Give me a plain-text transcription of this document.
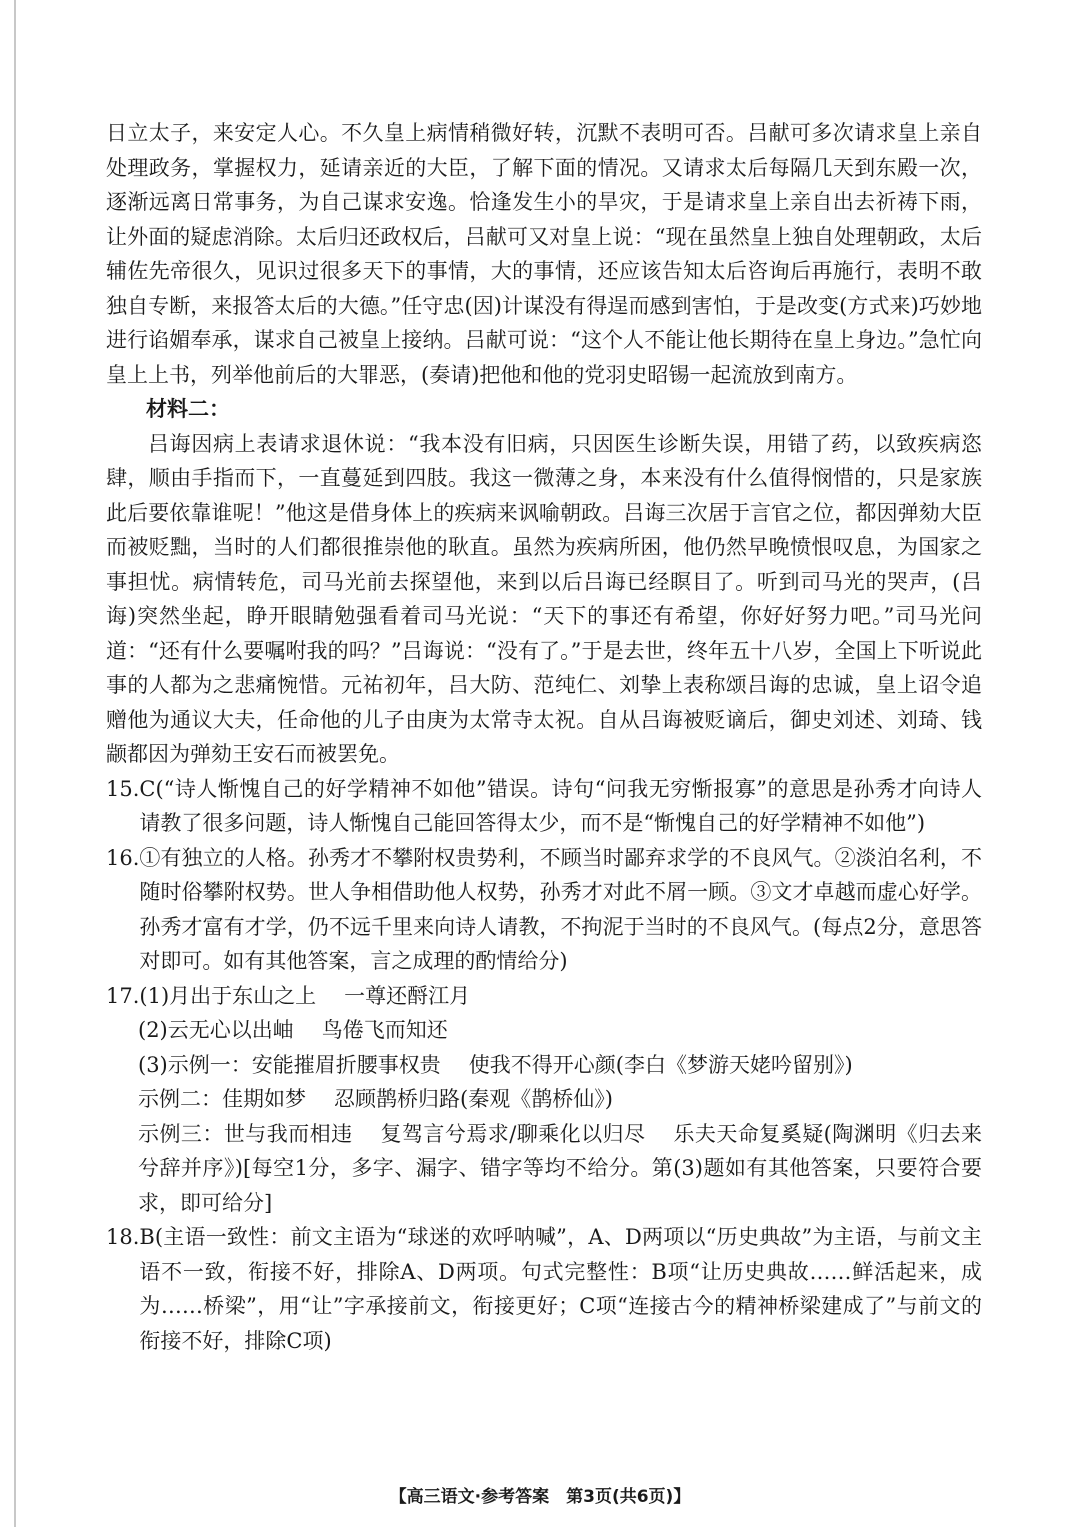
日立太子，来安定人心。不久皇上病情稍微好转，沉默不表明可否。吕献可多次请求皇上亲自处理政务，掌握权力，延请亲近的大臣，了解下面的情况。又请求太后每隔几天到东殿一次，逐渐远离日常事务，为自己谋求安逸。恰逢发生小的旱灾，于是请求皇上亲自出去祈祷下雨，让外面的疑虑消除。太后归还政权后，吕献可又对皇上说：“现在虽然皇上独自处理朝政，太后辅佐先帝很久，见识过很多天下的事情，大的事情，还应该告知太后咨询后再施行，表明不敢独自专断，来报答太后的大德。”任守忠(因)计谋没有得逞而感到害怕，于是改变(方式来)巧妙地进行谄媚奉承，谋求自己被皇上接纳。吕献可说：“这个人不能让他长期待在皇上身边。”急忙向皇上上书，列举他前后的大罪恶，(奏请)把他和他的党羽史昭锡一起流放到南方。

材料二：

吕诲因病上表请求退休说：“我本没有旧病，只因医生诊断失误，用错了药，以致疾病恣肆，顺由手指而下，一直蔓延到四肢。我这一微薄之身，本来没有什么值得悯惜的，只是家族此后要依靠谁呢！”他这是借身体上的疾病来讽喻朝政。吕诲三次居于言官之位，都因弹劾大臣而被贬黜，当时的人们都很推崇他的耿直。虽然为疾病所困，他仍然早晚愤恨叹息，为国家之事担忧。病情转危，司马光前去探望他，来到以后吕诲已经瞑目了。听到司马光的哭声，(吕诲)突然坐起，睁开眼睛勉强看着司马光说：“天下的事还有希望，你好好努力吧。”司马光问道：“还有什么要嘱咐我的吗？”吕诲说：“没有了。”于是去世，终年五十八岁，全国上下听说此事的人都为之悲痛惋惜。元祐初年，吕大防、范纯仁、刘挚上表称颂吕诲的忠诚，皇上诏令追赠他为通议大夫，任命他的儿子由庚为太常寺太祝。自从吕诲被贬谪后，御史刘述、刘琦、钱颛都因为弹劾王安石而被罢免。

15. C(“诗人惭愧自己的好学精神不如他”错误。诗句“问我无穷惭报寡”的意思是孙秀才向诗人请教了很多问题，诗人惭愧自己能回答得太少，而不是“惭愧自己的好学精神不如他”)
16. ①有独立的人格。孙秀才不攀附权贵势利，不顾当时鄙弃求学的不良风气。②淡泊名利，不随时俗攀附权势。世人争相借助他人权势，孙秀才对此不屑一顾。③文才卓越而虚心好学。孙秀才富有才学，仍不远千里来向诗人请教，不拘泥于当时的不良风气。(每点2分，意思答对即可。如有其他答案，言之成理的酌情给分)
17. (1)月出于东山之上 一尊还酹江月

(2)云无心以出岫 鸟倦飞而知还

(3)示例一：安能摧眉折腰事权贵 使我不得开心颜(李白《梦游天姥吟留别》)

示例二：佳期如梦 忍顾鹊桥归路(秦观《鹊桥仙》)

示例三：世与我而相违 复驾言兮焉求/聊乘化以归尽 乐夫天命复奚疑(陶渊明《归去来兮辞并序》)[每空1分，多字、漏字、错字等均不给分。第(3)题如有其他答案，只要符合要求，即可给分]

18. B(主语一致性：前文主语为“球迷的欢呼呐喊”，A、D两项以“历史典故”为主语，与前文主语不一致，衔接不好，排除A、D两项。句式完整性：B项“让历史典故……鲜活起来，成为……桥梁”，用“让”字承接前文，衔接更好；C项“连接古今的精神桥梁建成了”与前文的衔接不好，排除C项)
【高三语文·参考答案　第3页(共6页)】
